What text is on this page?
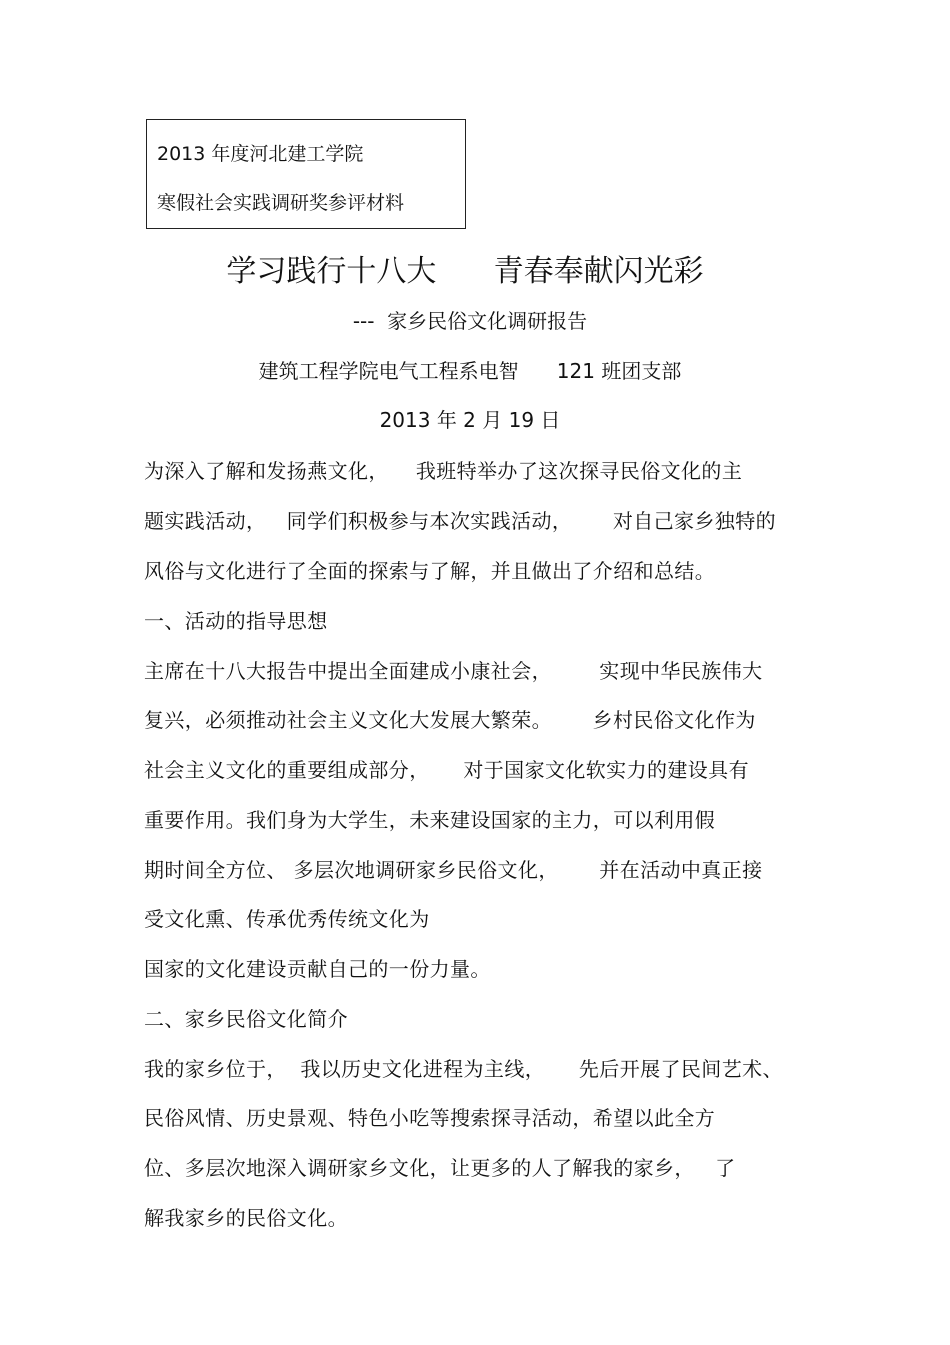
2013 年度河北建工学院
寒假社会实践调研奖参评材料
学习践行十八大      青春奉献闪光彩
---  家乡民俗文化调研报告
建筑工程学院电气工程系电智      121 班团支部
2013 年 2 月 19 日
为深入了解和发扬燕文化，    我班特举办了这次探寻民俗文化的主
题实践活动，   同学们积极参与本次实践活动，      对自己家乡独特的
风俗与文化进行了全面的探索与了解，并且做出了介绍和总结。
一、活动的指导思想
主席在十八大报告中提出全面建成小康社会，       实现中华民族伟大
复兴，必须推动社会主义文化大发展大繁荣。      乡村民俗文化作为
社会主义文化的重要组成部分，     对于国家文化软实力的建设具有
重要作用。我们身为大学生，未来建设国家的主力，可以利用假
期时间全方位、 多层次地调研家乡民俗文化，      并在活动中真正接
受文化熏、传承优秀传统文化为
国家的文化建设贡献自己的一份力量。
二、家乡民俗文化简介
我的家乡位于，  我以历史文化进程为主线，     先后开展了民间艺术、
民俗风情、历史景观、特色小吃等搜索探寻活动，希望以此全方
位、多层次地深入调研家乡文化，让更多的人了解我的家乡，   了
解我家乡的民俗文化。
